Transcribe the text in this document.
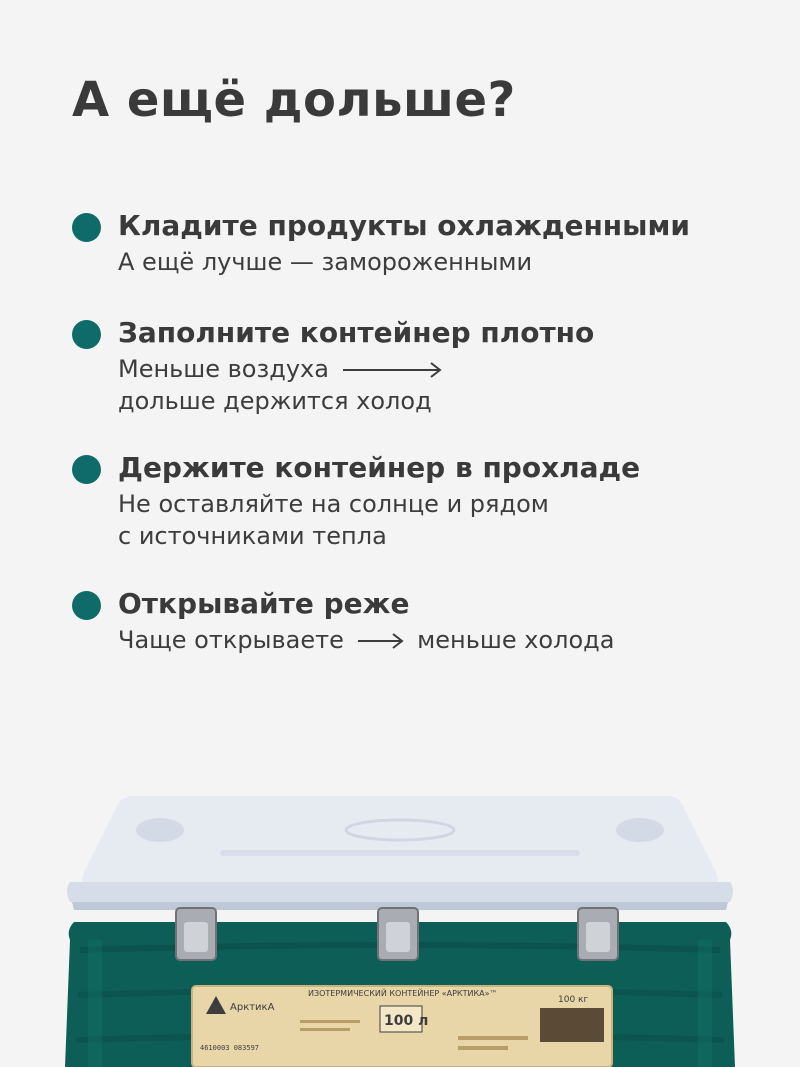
А ещё дольше?
Кладите продукты охлажденными
А ещё лучше — замороженными
Заполните контейнер плотно
Меньше воздуха
дольше держится холод
Держите контейнер в прохладе
Не оставляйте на солнце и рядом
с источниками тепла
Открывайте реже
Чаще открываете	меньше холода
АрктикА
ИЗОТЕРМИЧЕСКИЙ КОНТЕЙНЕР «АРКТИКА»™
100 л
100 кг
4610003 083597
